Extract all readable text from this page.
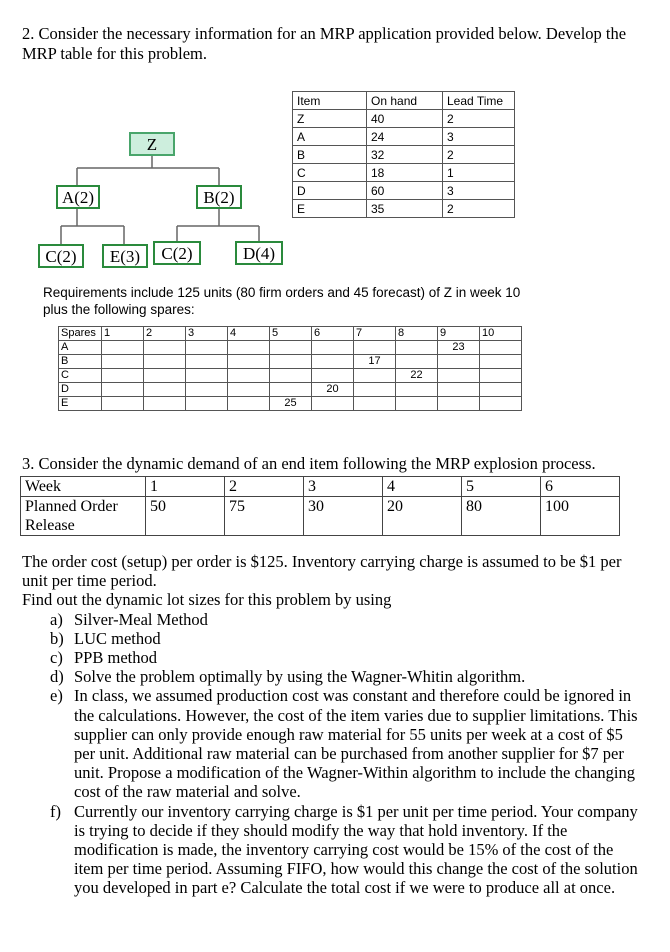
2. Consider the necessary information for an MRP application provided below. Develop the MRP table for this problem.
Z
A(2)	B(2)
C(2)	E(3)	C(2)	D(4)
Item	On hand	Lead Time
Z	40	2
A	24	3
B	32	2
C	18	1
D	60	3
E	35	2
Requirements include 125 units (80 firm orders and 45 forecast) of Z in week 10 plus the following spares:
Spares	1	2	3	4	5	6	7	8	9	10
A									23	
B							17			
C								22		
D						20				
E					25					
3. Consider the dynamic demand of an end item following the MRP explosion process.
Week	1	2	3	4	5	6

Planned Order
Release	50	75	30	20	80	100

The order cost (setup) per order is $125. Inventory carrying charge is assumed to be $1 per unit per time period.

Find out the dynamic lot sizes for this problem by using

a) Silver-Meal Method
b) LUC method
c) PPB method
d) Solve the problem optimally by using the Wagner-Whitin algorithm.
e) In class, we assumed production cost was constant and therefore could be ignored in the calculations. However, the cost of the item varies due to supplier limitations. This supplier can only provide enough raw material for 55 units per week at a cost of $5 per unit. Additional raw material can be purchased from another supplier for $7 per unit. Propose a modification of the Wagner-Within algorithm to include the changing cost of the raw material and solve.
f) Currently our inventory carrying charge is $1 per unit per time period. Your company is trying to decide if they should modify the way that hold inventory. If the modification is made, the inventory carrying cost would be 15% of the cost of the item per time period. Assuming FIFO, how would this change the cost of the solution you developed in part e? Calculate the total cost if we were to produce all at once.
